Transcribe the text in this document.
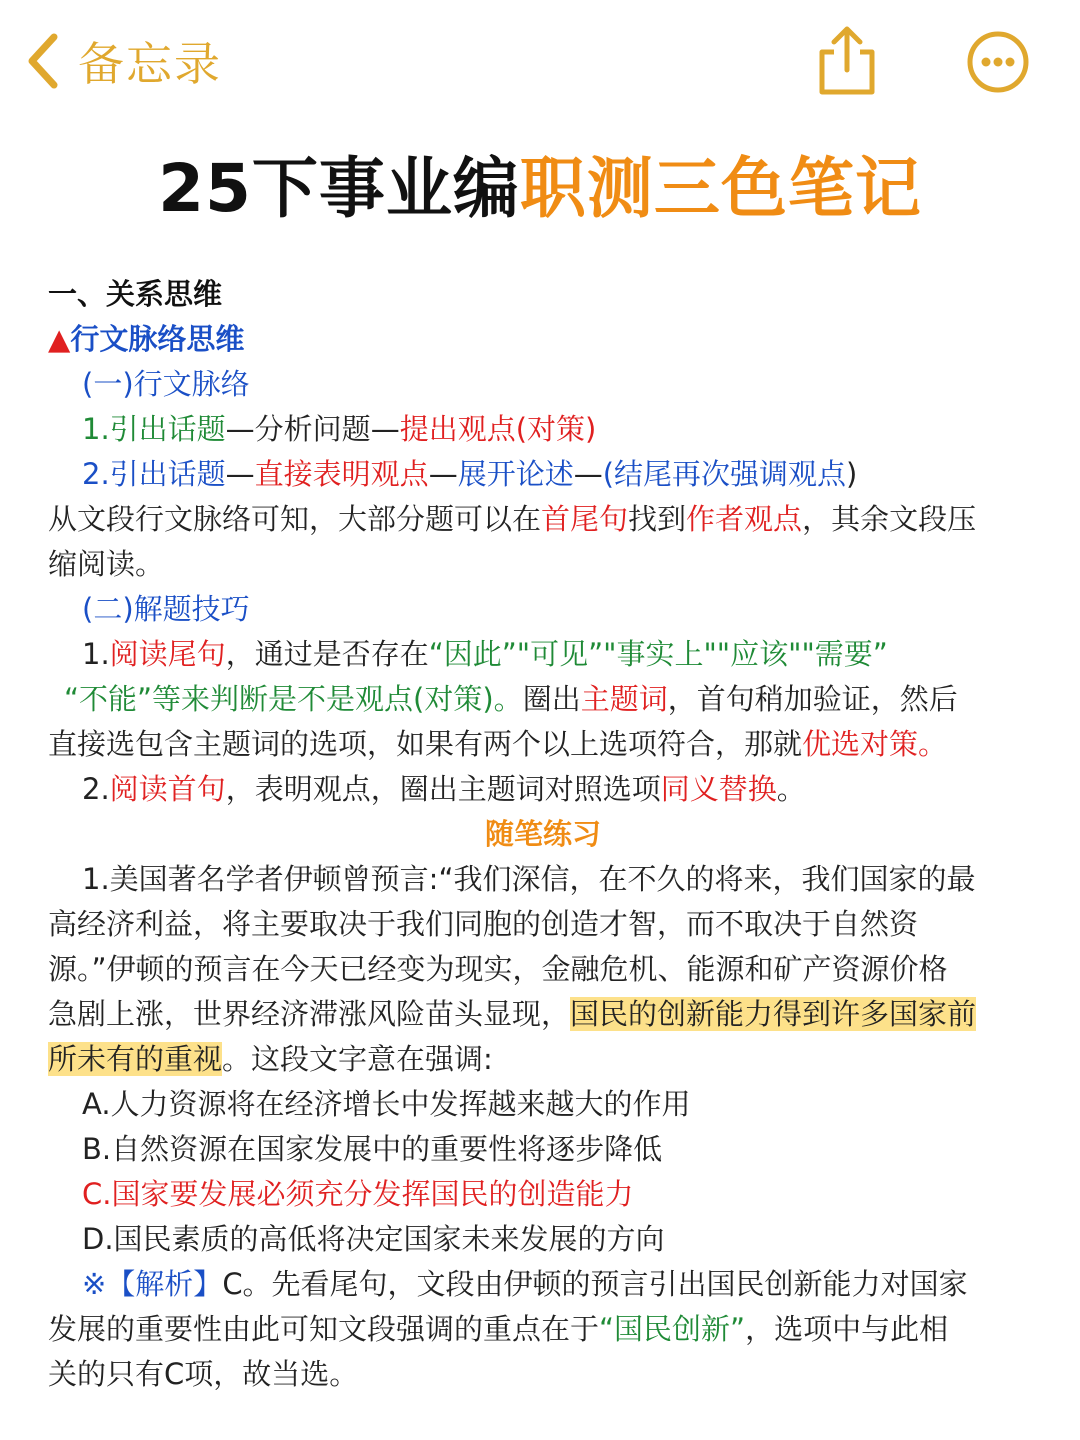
备忘录
25下事业编职测三色笔记
一、关系思维
▲行文脉络思维
(一)行文脉络
1.引出话题—分析问题—提出观点(对策)
2.引出话题—直接表明观点—展开论述—(结尾再次强调观点)
从文段行文脉络可知，大部分题可以在首尾句找到作者观点，其余文段压
缩阅读。
(二)解题技巧
1.阅读尾句，通过是否存在“因此”"可见”"事实上""应该""需要”
“不能”等来判断是不是观点(对策)。圈出主题词，首句稍加验证，然后
直接选包含主题词的选项，如果有两个以上选项符合，那就优选对策。
2.阅读首句，表明观点，圈出主题词对照选项同义替换。
随笔练习
1.美国著名学者伊顿曾预言:“我们深信，在不久的将来，我们国家的最
高经济利益，将主要取决于我们同胞的创造才智，而不取决于自然资
源。”伊顿的预言在今天已经变为现实，金融危机、能源和矿产资源价格
急剧上涨，世界经济滞涨风险苗头显现，国民的创新能力得到许多国家前
所未有的重视。这段文字意在强调:
A.人力资源将在经济增长中发挥越来越大的作用
B.自然资源在国家发展中的重要性将逐步降低
C.国家要发展必须充分发挥国民的创造能力
D.国民素质的高低将决定国家未来发展的方向
※【解析】C。先看尾句，文段由伊顿的预言引出国民创新能力对国家
发展的重要性由此可知文段强调的重点在于“国民创新”，选项中与此相
关的只有C项，故当选。
